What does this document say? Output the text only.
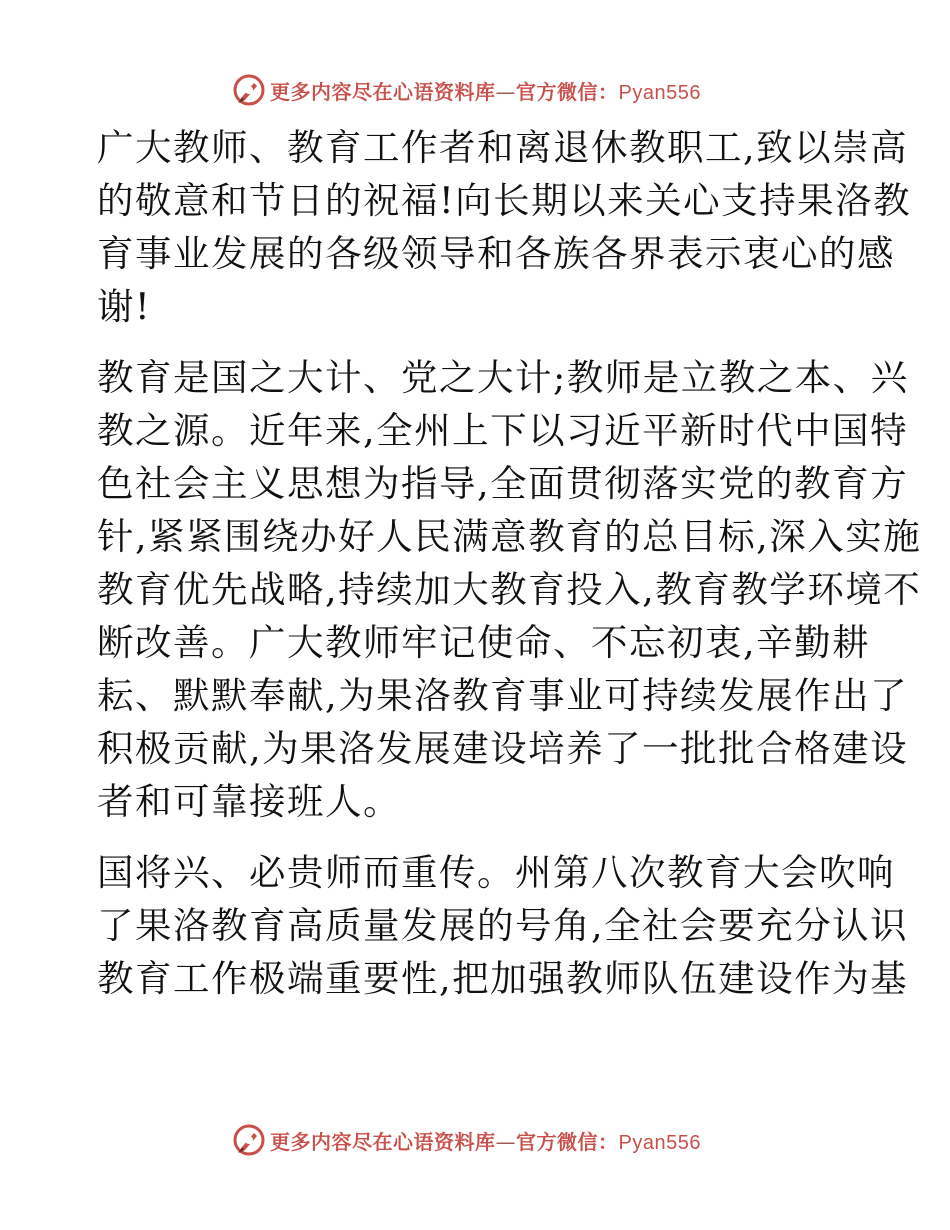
更多内容尽在心语资料库—官方微信：Pyan556
广大教师、教育工作者和离退休教职工,致以崇高
的敬意和节日的祝福!向长期以来关心支持果洛教
育事业发展的各级领导和各族各界表示衷心的感
谢!
教育是国之大计、党之大计;教师是立教之本、兴
教之源。近年来,全州上下以习近平新时代中国特
色社会主义思想为指导,全面贯彻落实党的教育方
针,紧紧围绕办好人民满意教育的总目标,深入实施
教育优先战略,持续加大教育投入,教育教学环境不
断改善。广大教师牢记使命、不忘初衷,辛勤耕
耘、默默奉献,为果洛教育事业可持续发展作出了
积极贡献,为果洛发展建设培养了一批批合格建设
者和可靠接班人。
国将兴、必贵师而重传。州第八次教育大会吹响
了果洛教育高质量发展的号角,全社会要充分认识
教育工作极端重要性,把加强教师队伍建设作为基
更多内容尽在心语资料库—官方微信：Pyan556
